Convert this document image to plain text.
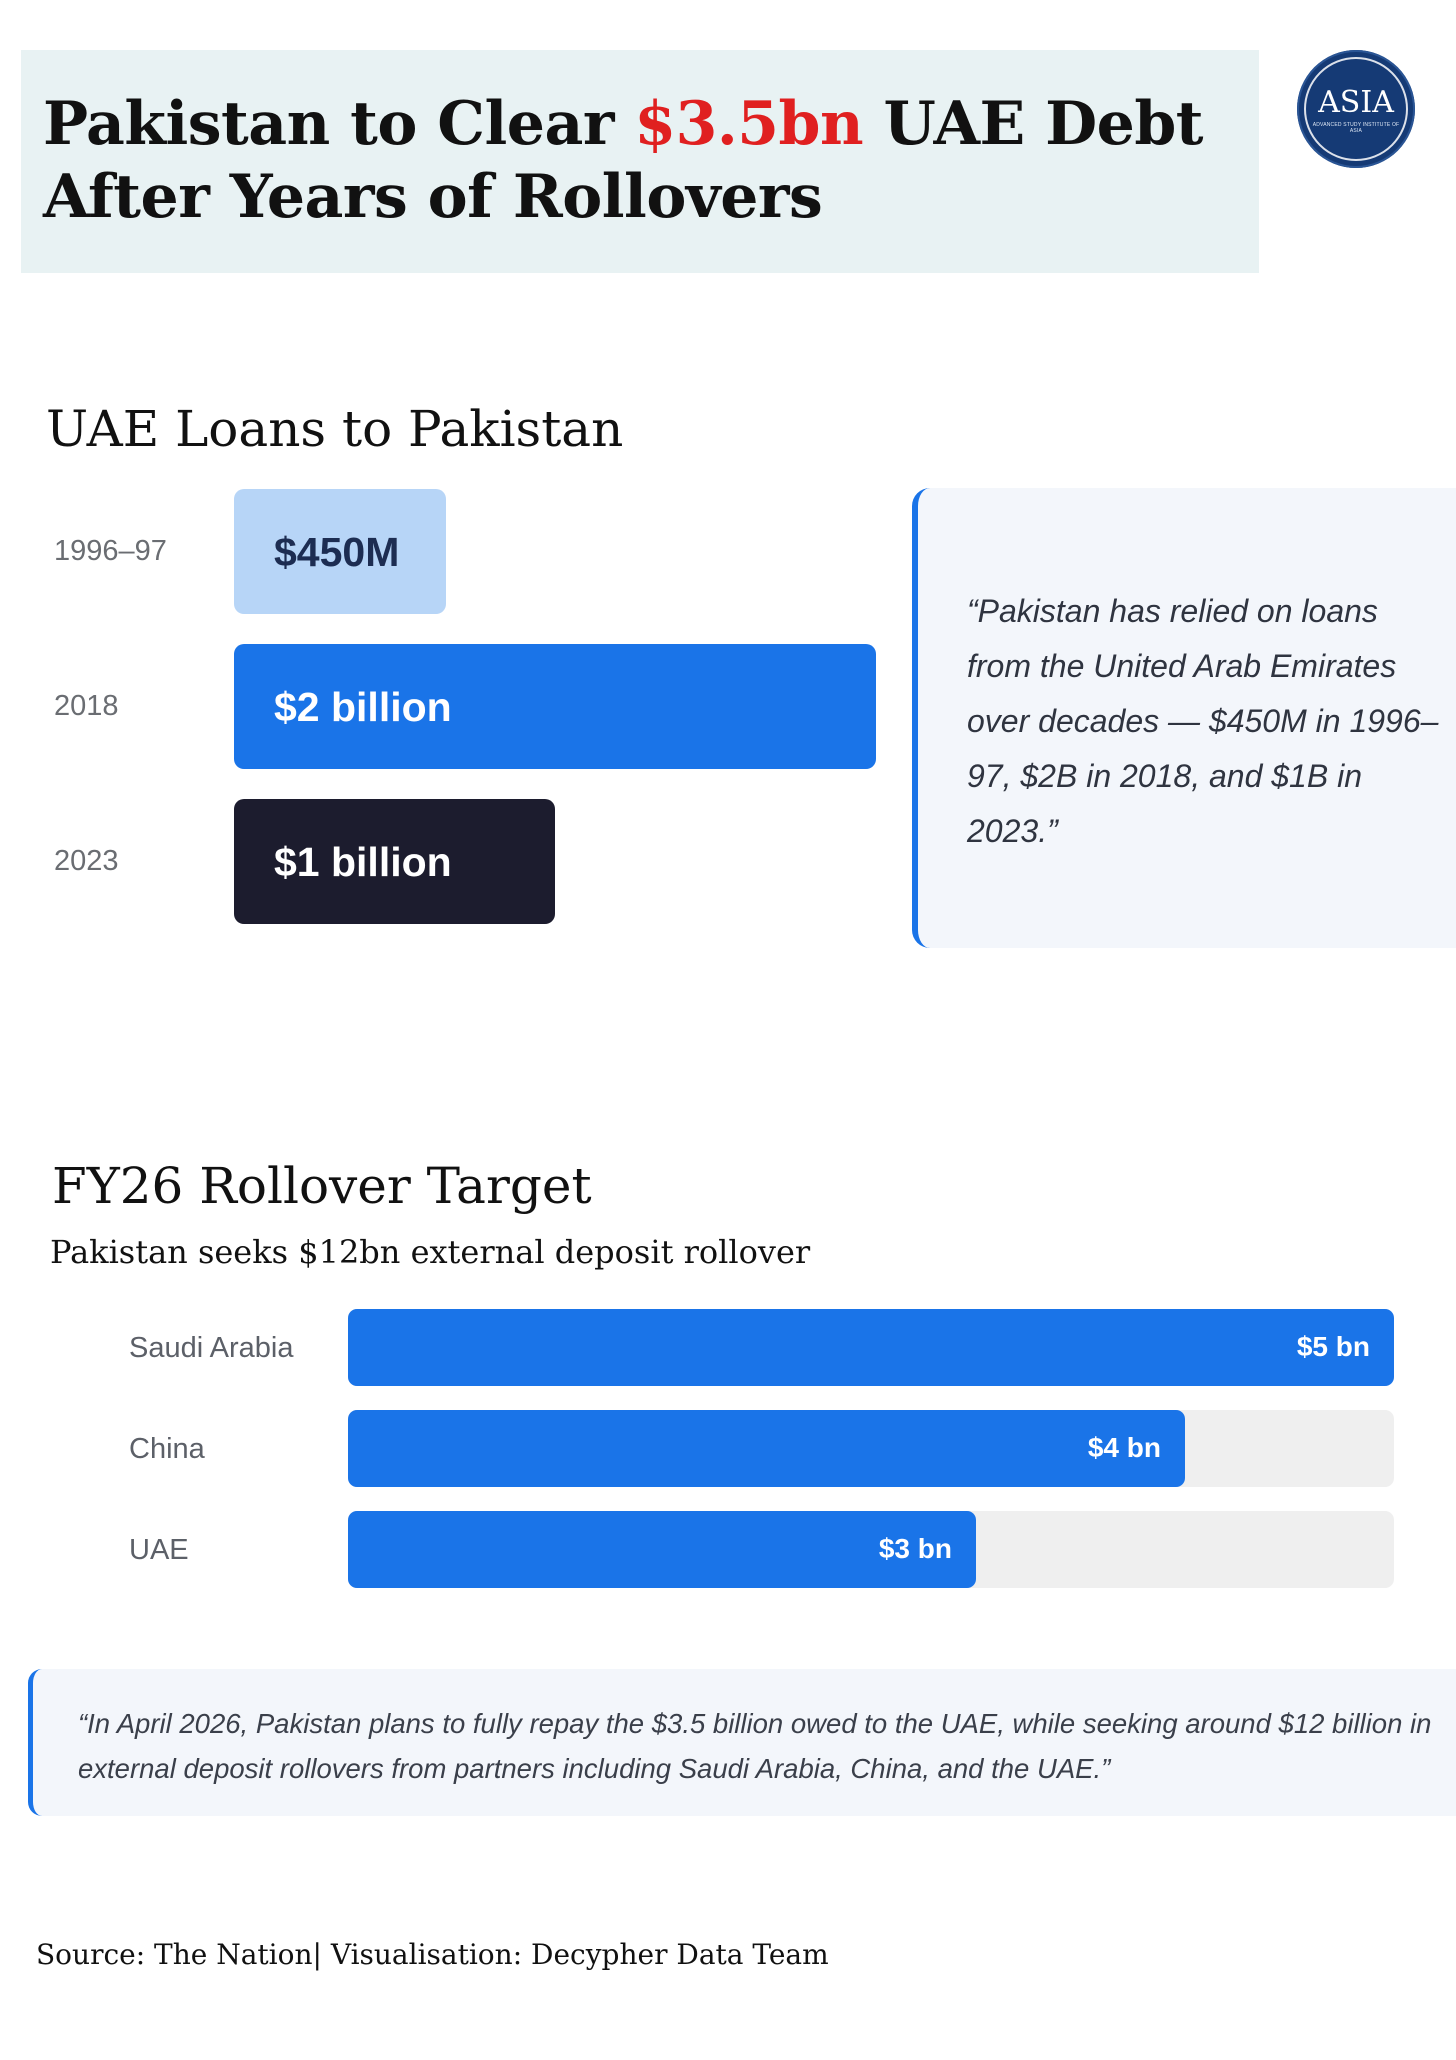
Pakistan to Clear $3.5bn UAE Debt After Years of Rollovers
ASIA
ADVANCED STUDY INSTITUTE OF ASIA
UAE Loans to Pakistan
1996–97	$450M
2018	$2 billion
2023	$1 billion

“Pakistan has relied on loans from the United Arab Emirates over decades — $450M in 1996–97, $2B in 2018, and $1B in 2023.”

FY26 Rollover Target

Pakistan seeks $12bn external deposit rollover

Saudi Arabia	$5 bn
China	$4 bn
UAE	$3 bn

“In April 2026, Pakistan plans to fully repay the $3.5 billion owed to the UAE, while seeking around $12 billion in external deposit rollovers from partners including Saudi Arabia, China, and the UAE.”

Source: The Nation| Visualisation: Decypher Data Team
